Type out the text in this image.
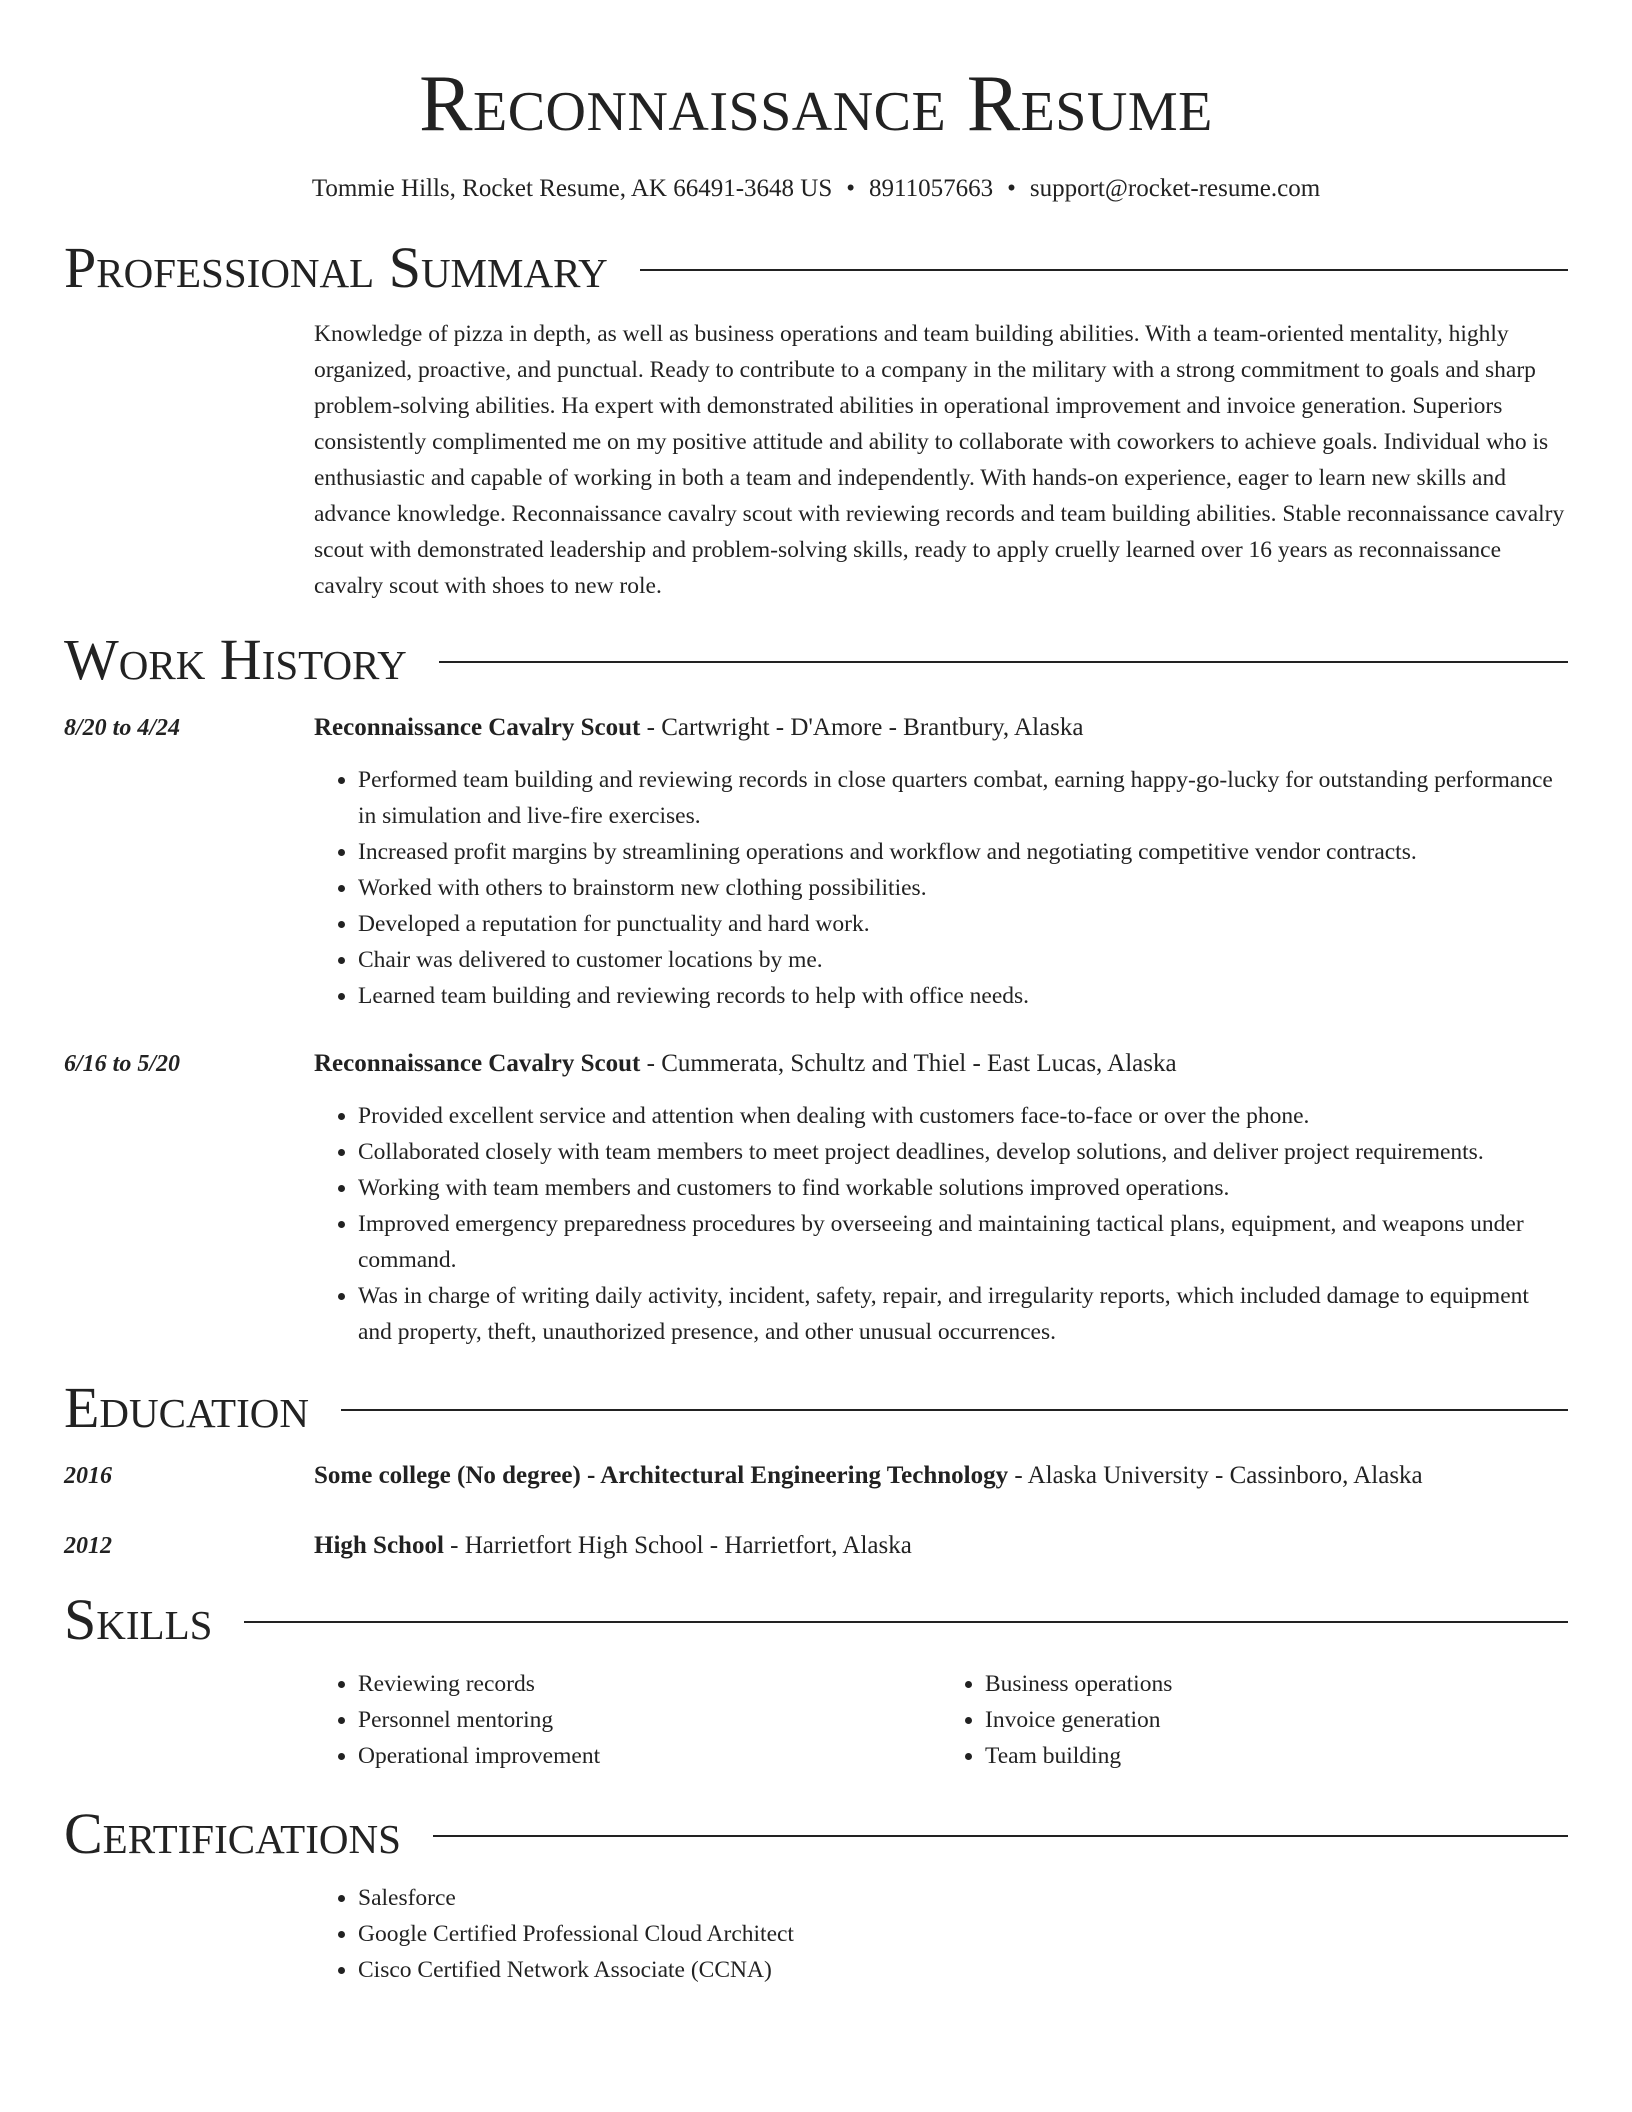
Reconnaissance Resume
Tommie Hills, Rocket Resume, AK 66491-3648 US • 8911057663 • support@rocket-resume.com
Professional Summary
Knowledge of pizza in depth, as well as business operations and team building abilities. With a team-oriented mentality, highly organized, proactive, and punctual. Ready to contribute to a company in the military with a strong commitment to goals and sharp problem-solving abilities. Ha expert with demonstrated abilities in operational improvement and invoice generation. Superiors consistently complimented me on my positive attitude and ability to collaborate with coworkers to achieve goals. Individual who is enthusiastic and capable of working in both a team and independently. With hands-on experience, eager to learn new skills and advance knowledge. Reconnaissance cavalry scout with reviewing records and team building abilities. Stable reconnaissance cavalry scout with demonstrated leadership and problem-solving skills, ready to apply cruelly learned over 16 years as reconnaissance cavalry scout with shoes to new role.
Work History
8/20 to 4/24	Reconnaissance Cavalry Scout - Cartwright - D'Amore - Brantbury, Alaska
• Performed team building and reviewing records in close quarters combat, earning happy-go-lucky for outstanding performance in simulation and live-fire exercises.
• Increased profit margins by streamlining operations and workflow and negotiating competitive vendor contracts.
• Worked with others to brainstorm new clothing possibilities.
• Developed a reputation for punctuality and hard work.
• Chair was delivered to customer locations by me.
• Learned team building and reviewing records to help with office needs.
6/16 to 5/20	Reconnaissance Cavalry Scout - Cummerata, Schultz and Thiel - East Lucas, Alaska
• Provided excellent service and attention when dealing with customers face-to-face or over the phone.
• Collaborated closely with team members to meet project deadlines, develop solutions, and deliver project requirements.
• Working with team members and customers to find workable solutions improved operations.
• Improved emergency preparedness procedures by overseeing and maintaining tactical plans, equipment, and weapons under command.
• Was in charge of writing daily activity, incident, safety, repair, and irregularity reports, which included damage to equipment and property, theft, unauthorized presence, and other unusual occurrences.
Education
2016	Some college (No degree) - Architectural Engineering Technology - Alaska University - Cassinboro, Alaska
2012	High School - Harrietfort High School - Harrietfort, Alaska
Skills
• Reviewing records
• Personnel mentoring
• Operational improvement
• Business operations
• Invoice generation
• Team building
Certifications
• Salesforce
• Google Certified Professional Cloud Architect
• Cisco Certified Network Associate (CCNA)
